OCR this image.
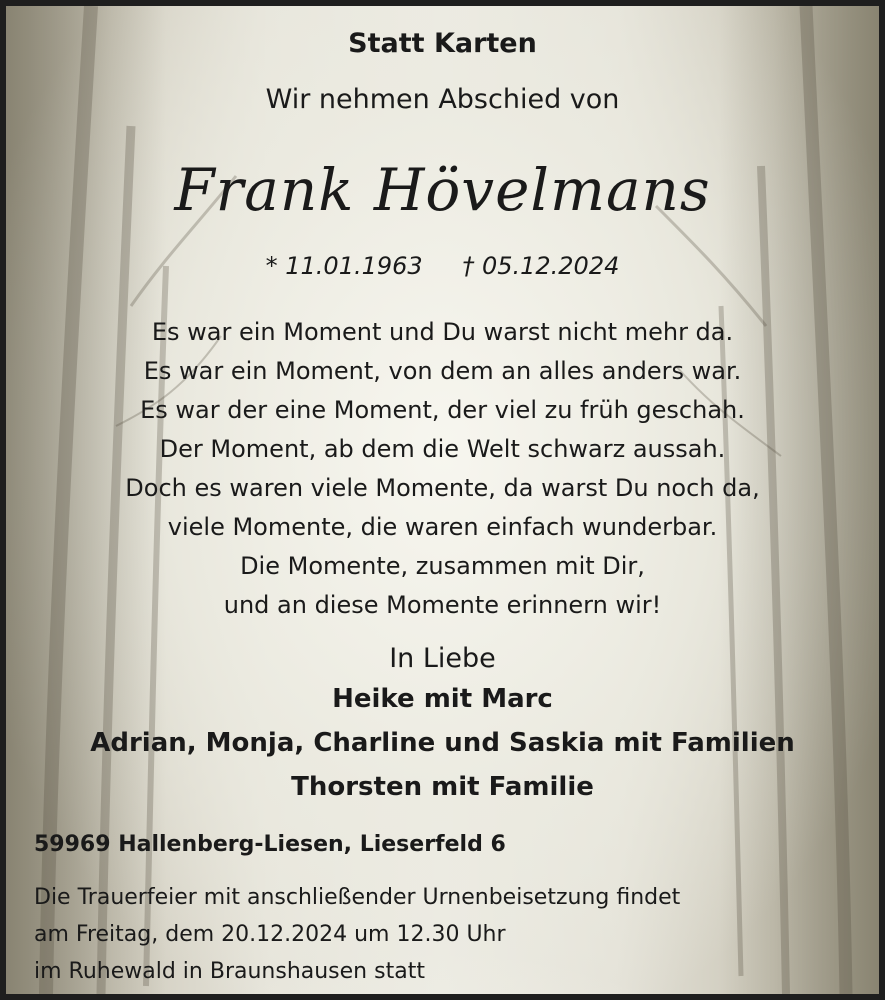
Statt Karten
Wir nehmen Abschied von
Frank Hövelmans
* 11.01.1963 † 05.12.2024
Es war ein Moment und Du warst nicht mehr da.
Es war ein Moment, von dem an alles anders war.
Es war der eine Moment, der viel zu früh geschah.
Der Moment, ab dem die Welt schwarz aussah.
Doch es waren viele Momente, da warst Du noch da,
viele Momente, die waren einfach wunderbar.
Die Momente, zusammen mit Dir,
und an diese Momente erinnern wir!
In Liebe
Heike mit Marc
Adrian, Monja, Charline und Saskia mit Familien
Thorsten mit Familie
59969 Hallenberg-Liesen, Lieserfeld 6
Die Trauerfeier mit anschließender Urnenbeisetzung findet
am Freitag, dem 20.12.2024 um 12.30 Uhr
im Ruhewald in Braunshausen statt
